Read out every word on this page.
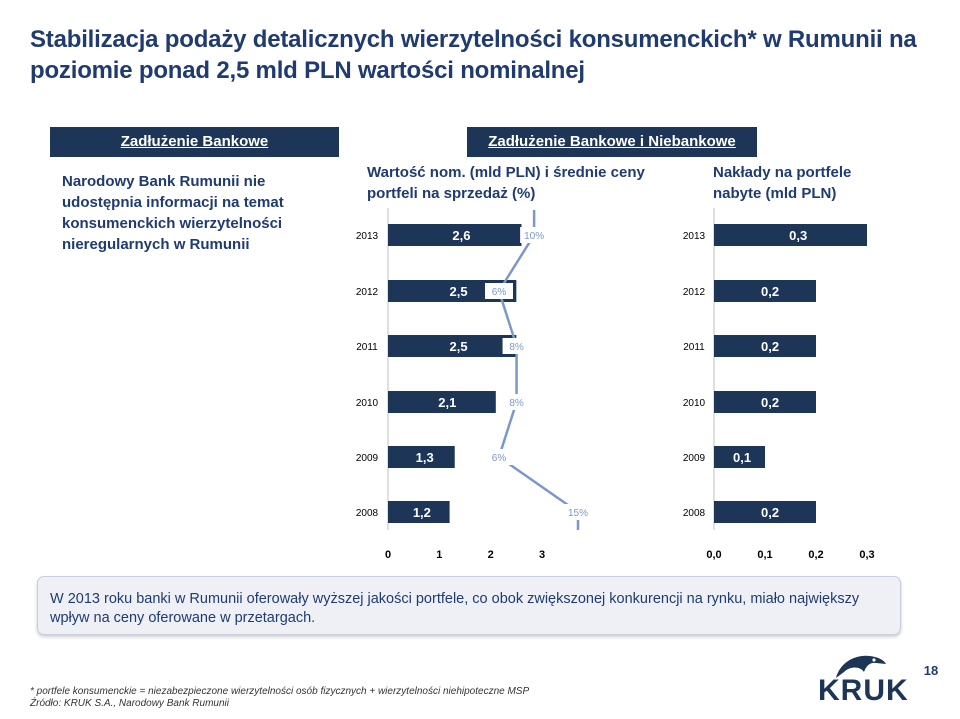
Stabilizacja podaży detalicznych wierzytelności konsumenckich* w Rumunii na poziomie ponad 2,5 mld PLN wartości nominalnej
Zadłużenie Bankowe
Narodowy Bank Rumunii nie udostępnia informacji na temat konsumenckich wierzytelności nieregularnych w Rumunii
Zadłużenie Bankowe i Niebankowe
Wartość nom. (mld PLN) i średnie ceny portfeli na sprzedaż (%)
Nakłady na portfele nabyte (mld PLN)
2013	2,6
2012	2,5
2011	2,5
2010	2,1
2009	1,3
2008	1,2
0	1	2	3
10%
6%
8%
8%
6%
15%
2013	0,3
2012	0,2
2011	0,2
2010	0,2
2009 0,1
2008	0,2
0,0	0,1	0,2	0,3
W 2013 roku banki w Rumunii oferowały wyższej jakości portfele, co obok zwiększonej konkurencji na rynku, miało największy wpływ na ceny oferowane w przetargach.
* portfele konsumenckie = niezabezpieczone wierzytelności osób fizycznych + wierzytelności niehipoteczne MSP
Źródło: KRUK S.A., Narodowy Bank Rumunii
18
KRUK
